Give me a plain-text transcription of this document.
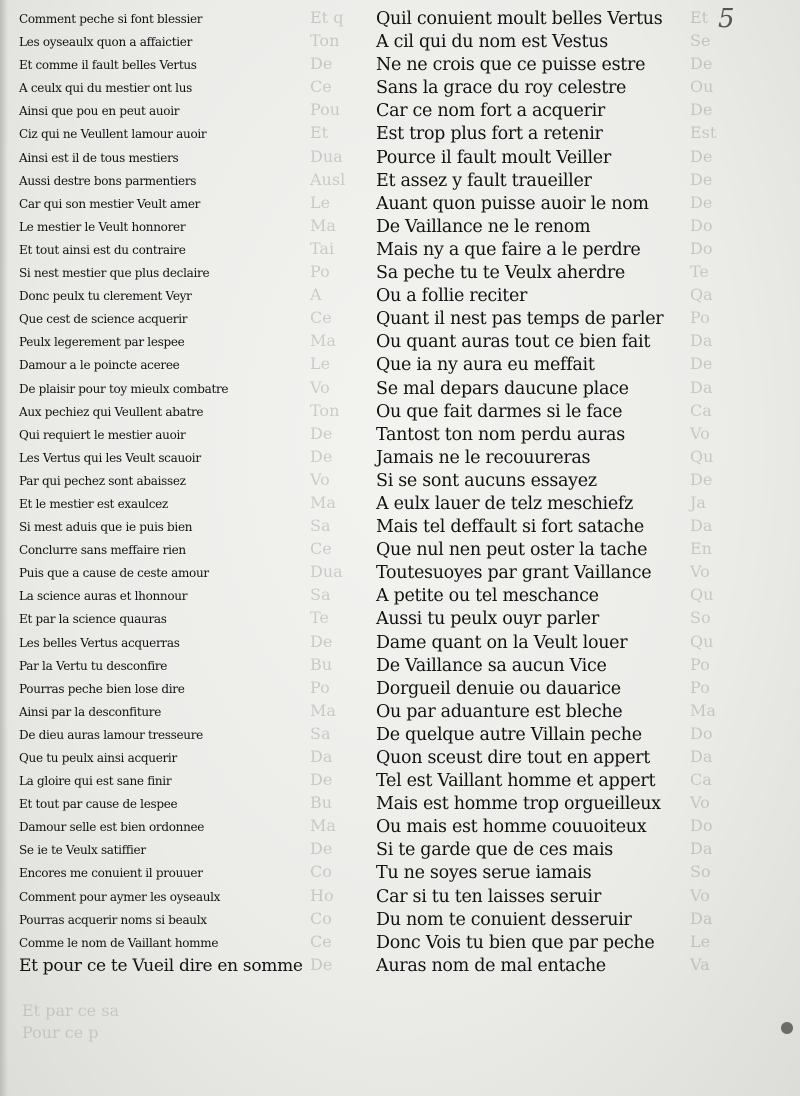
Et q
Ton
De
Ce
Pou
Et
Dua
Ausl
Le
Ma
Tai
Po
A
Ce
Ma
Le
Vo
Ton
De
De
Vo
Ma
Sa
Ce
Dua
Sa
Te
De
Bu
Po
Ma
Sa
Da
De
Bu
Ma
De
Co
Ho
Co
Ce
De
Et
Se
De
Ou
De
Est
De
De
De
Do
Do
Te
Qa
Po
Da
De
Da
Ca
Vo
Qu
De
Ja
Da
En
Vo
Qu
So
Qu
Po
Po
Ma
Do
Da
Ca
Vo
Do
Da
So
Vo
Da
Le
Va
Et par ce sa
Pour ce p
5
Comment peche si font blessier
Les oyseaulx quon a affaictier
Et comme il fault belles Vertus
A ceulx qui du mestier ont lus
Ainsi que pou en peut auoir
Ciz qui ne Veullent lamour auoir
Ainsi est il de tous mestiers
Aussi destre bons parmentiers
Car qui son mestier Veult amer
Le mestier le Veult honnorer
Et tout ainsi est du contraire
Si nest mestier que plus declaire
Donc peulx tu clerement Veyr
Que cest de science acquerir
Peulx legerement par lespee
Damour a le poincte aceree
De plaisir pour toy mieulx combatre
Aux pechiez qui Veullent abatre
Qui requiert le mestier auoir
Les Vertus qui les Veult scauoir
Par qui pechez sont abaissez
Et le mestier est exaulcez
Si mest aduis que ie puis bien
Conclurre sans meffaire rien
Puis que a cause de ceste amour
La science auras et lhonnour
Et par la science quauras
Les belles Vertus acquerras
Par la Vertu tu desconfire
Pourras peche bien lose dire
Ainsi par la desconfiture
De dieu auras lamour tresseure
Que tu peulx ainsi acquerir
La gloire qui est sane finir
Et tout par cause de lespee
Damour selle est bien ordonnee
Se ie te Veulx satiffier
Encores me conuient il prouuer
Comment pour aymer les oyseaulx
Pourras acquerir noms si beaulx
Comme le nom de Vaillant homme
Et pour ce te Vueil dire en somme
Quil conuient moult belles Vertus
A cil qui du nom est Vestus
Ne ne crois que ce puisse estre
Sans la grace du roy celestre
Car ce nom fort a acquerir
Est trop plus fort a retenir
Pource il fault moult Veiller
Et assez y fault traueiller
Auant quon puisse auoir le nom
De Vaillance ne le renom
Mais ny a que faire a le perdre
Sa peche tu te Veulx aherdre
Ou a follie reciter
Quant il nest pas temps de parler
Ou quant auras tout ce bien fait
Que ia ny aura eu meffait
Se mal depars daucune place
Ou que fait darmes si le face
Tantost ton nom perdu auras
Jamais ne le recouureras
Si se sont aucuns essayez
A eulx lauer de telz meschiefz
Mais tel deffault si fort satache
Que nul nen peut oster la tache
Toutesuoyes par grant Vaillance
A petite ou tel meschance
Aussi tu peulx ouyr parler
Dame quant on la Veult louer
De Vaillance sa aucun Vice
Dorgueil denuie ou dauarice
Ou par aduanture est bleche
De quelque autre Villain peche
Quon sceust dire tout en appert
Tel est Vaillant homme et appert
Mais est homme trop orgueilleux
Ou mais est homme couuoiteux
Si te garde que de ces mais
Tu ne soyes serue iamais
Car si tu ten laisses seruir
Du nom te conuient desseruir
Donc Vois tu bien que par peche
Auras nom de mal entache
